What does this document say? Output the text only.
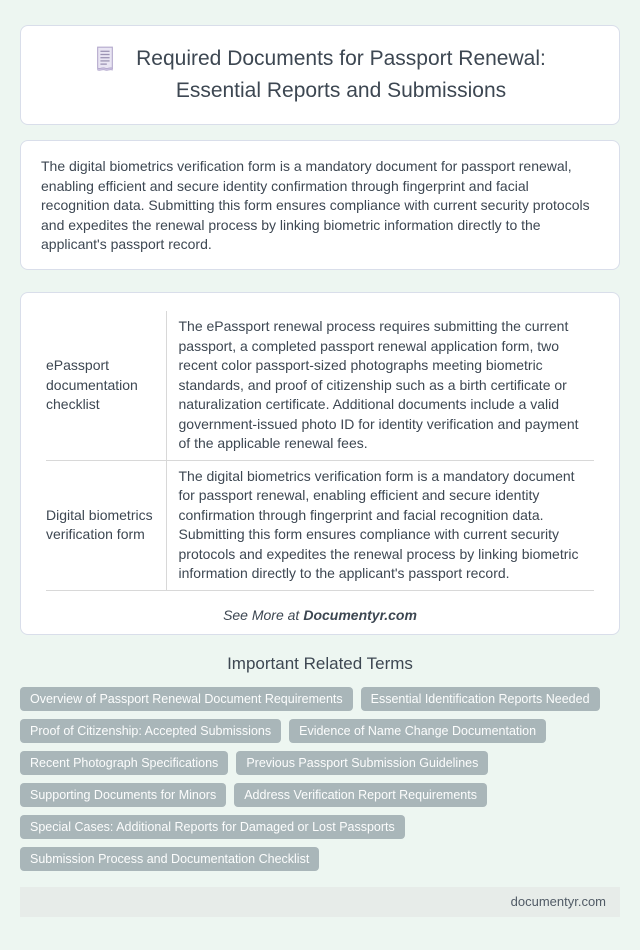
Required Documents for Passport Renewal:
Essential Reports and Submissions

The digital biometrics verification form is a mandatory document for passport renewal, enabling efficient and secure identity confirmation through fingerprint and facial recognition data. Submitting this form ensures compliance with current security protocols and expedites the renewal process by linking biometric information directly to the applicant's passport record.

ePassport documentation checklist	The ePassport renewal process requires submitting the current passport, a completed passport renewal application form, two recent color passport-sized photographs meeting biometric standards, and proof of citizenship such as a birth certificate or naturalization certificate. Additional documents include a valid government-issued photo ID for identity verification and payment of the applicable renewal fees.
Digital biometrics verification form	The digital biometrics verification form is a mandatory document for passport renewal, enabling efficient and secure identity confirmation through fingerprint and facial recognition data. Submitting this form ensures compliance with current security protocols and expedites the renewal process by linking biometric information directly to the applicant's passport record.
See More at Documentyr.com
Important Related Terms
Overview of Passport Renewal Document Requirements	Essential Identification Reports Needed
Proof of Citizenship: Accepted Submissions	Evidence of Name Change Documentation
Recent Photograph Specifications	Previous Passport Submission Guidelines
Supporting Documents for Minors	Address Verification Report Requirements
Special Cases: Additional Reports for Damaged or Lost Passports
Submission Process and Documentation Checklist
documentyr.com
